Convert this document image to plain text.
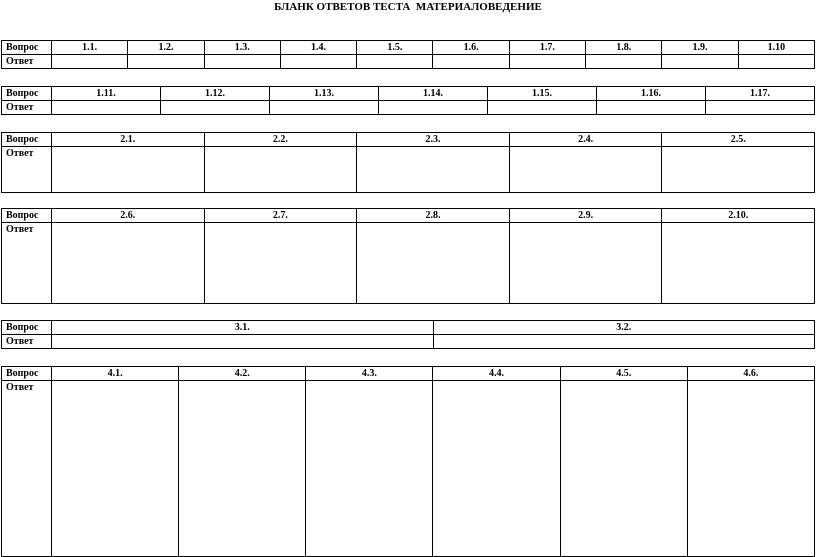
БЛАНК ОТВЕТОВ ТЕСТА  МАТЕРИАЛОВЕДЕНИЕ
Вопрос	1.1.	1.2.	1.3.	1.4.	1.5.	1.6.	1.7.	1.8.	1.9.	1.10
Ответ										
Вопрос	1.11.	1.12.	1.13.	1.14.	1.15.	1.16.	1.17.
Ответ							
Вопрос	2.1.	2.2.	2.3.	2.4.	2.5.
Ответ					
Вопрос	2.6.	2.7.	2.8.	2.9.	2.10.
Ответ					
Вопрос	3.1.	3.2.
Ответ		
Вопрос	4.1.	4.2.	4.3.	4.4.	4.5.	4.6.
Ответ						
